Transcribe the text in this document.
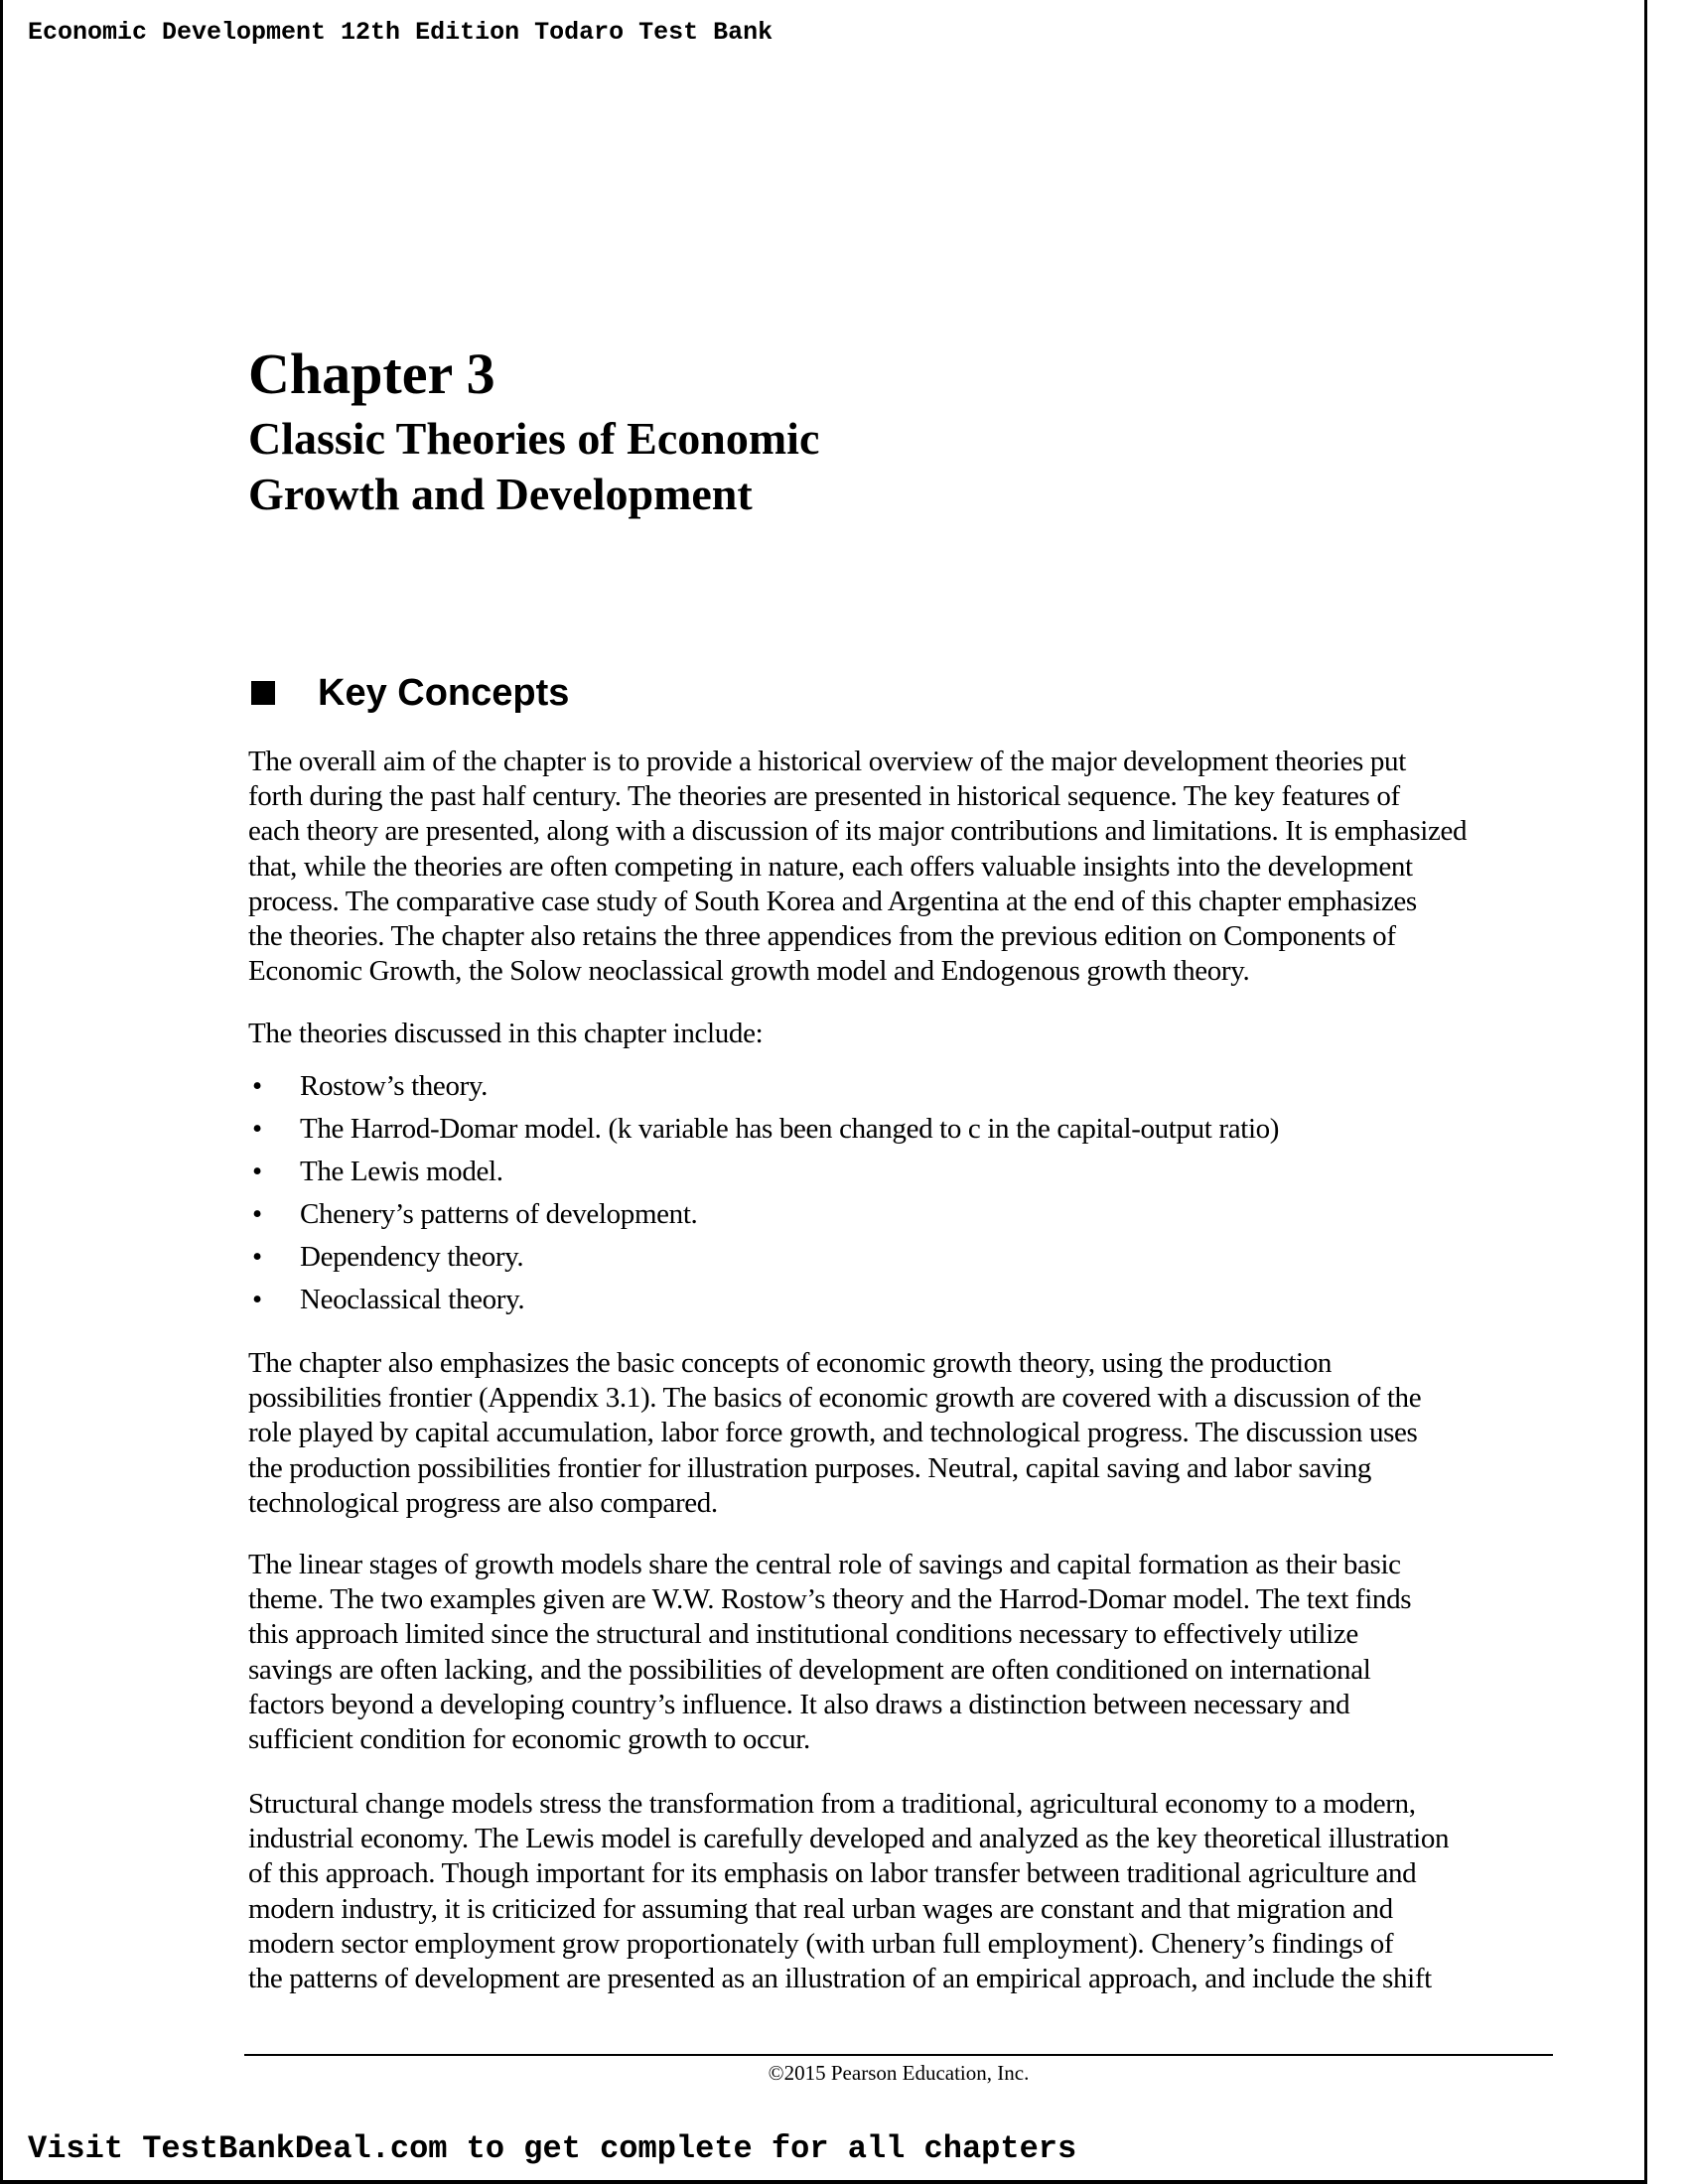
Economic Development 12th Edition Todaro Test Bank
Chapter 3
Classic Theories of Economic
Growth and Development
Key Concepts
The overall aim of the chapter is to provide a historical overview of the major development theories put
forth during the past half century. The theories are presented in historical sequence. The key features of
each theory are presented, along with a discussion of its major contributions and limitations. It is emphasized
that, while the theories are often competing in nature, each offers valuable insights into the development
process. The comparative case study of South Korea and Argentina at the end of this chapter emphasizes
the theories. The chapter also retains the three appendices from the previous edition on Components of
Economic Growth, the Solow neoclassical growth model and Endogenous growth theory.
The theories discussed in this chapter include:
• Rostow’s theory.
• The Harrod-Domar model. (k variable has been changed to c in the capital-output ratio)
• The Lewis model.
• Chenery’s patterns of development.
• Dependency theory.
• Neoclassical theory.
The chapter also emphasizes the basic concepts of economic growth theory, using the production
possibilities frontier (Appendix 3.1). The basics of economic growth are covered with a discussion of the
role played by capital accumulation, labor force growth, and technological progress. The discussion uses
the production possibilities frontier for illustration purposes. Neutral, capital saving and labor saving
technological progress are also compared.
The linear stages of growth models share the central role of savings and capital formation as their basic
theme. The two examples given are W.W. Rostow’s theory and the Harrod-Domar model. The text finds
this approach limited since the structural and institutional conditions necessary to effectively utilize
savings are often lacking, and the possibilities of development are often conditioned on international
factors beyond a developing country’s influence. It also draws a distinction between necessary and
sufficient condition for economic growth to occur.
Structural change models stress the transformation from a traditional, agricultural economy to a modern,
industrial economy. The Lewis model is carefully developed and analyzed as the key theoretical illustration
of this approach. Though important for its emphasis on labor transfer between traditional agriculture and
modern industry, it is criticized for assuming that real urban wages are constant and that migration and
modern sector employment grow proportionately (with urban full employment). Chenery’s findings of
the patterns of development are presented as an illustration of an empirical approach, and include the shift
©2015 Pearson Education, Inc.
Visit TestBankDeal.com to get complete for all chapters
